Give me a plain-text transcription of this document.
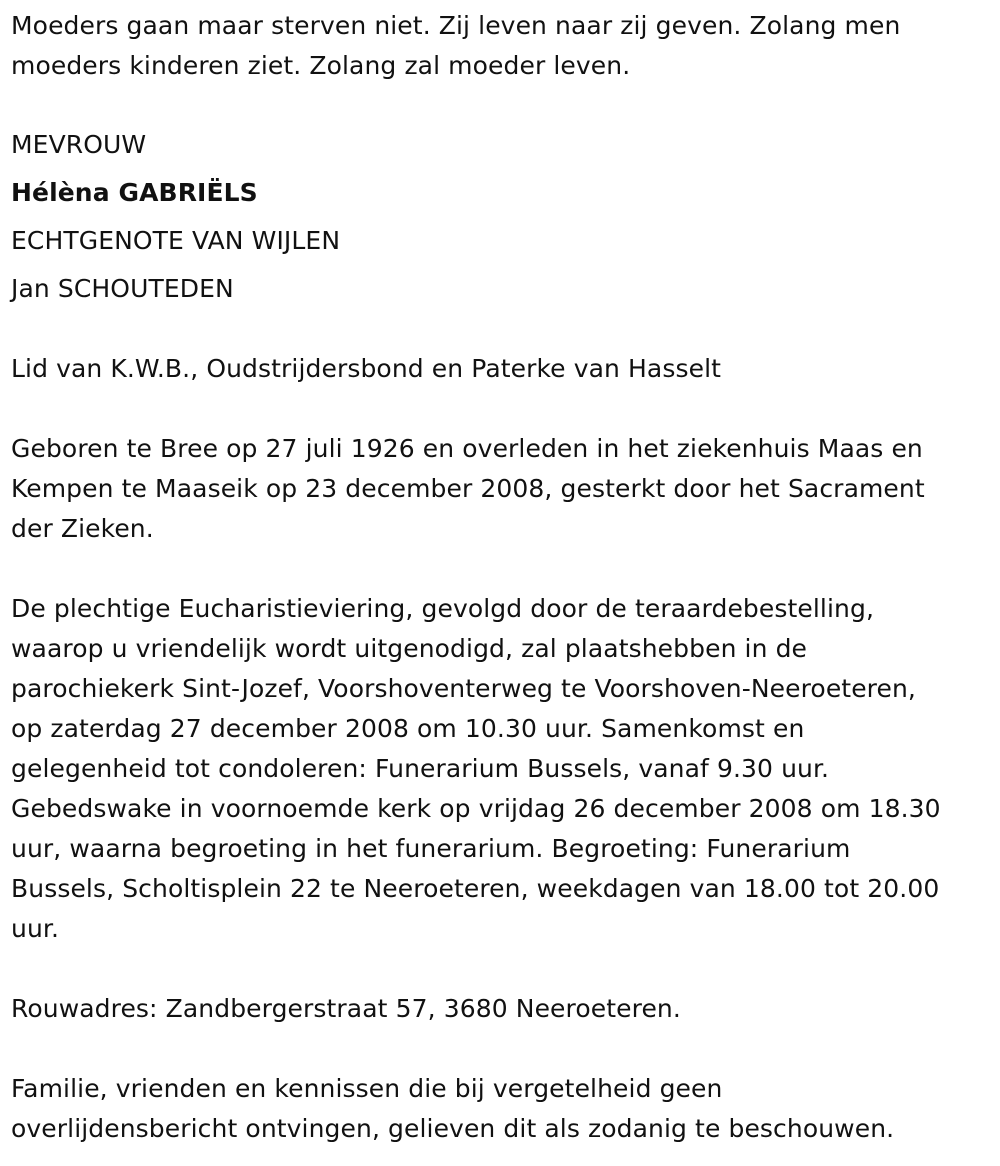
Moeders gaan maar sterven niet. Zij leven naar zij geven. Zolang men
moeders kinderen ziet. Zolang zal moeder leven.
MEVROUW
Hélèna GABRIËLS
ECHTGENOTE VAN WIJLEN
Jan SCHOUTEDEN
Lid van K.W.B., Oudstrijdersbond en Paterke van Hasselt
Geboren te Bree op 27 juli 1926 en overleden in het ziekenhuis Maas en
Kempen te Maaseik op 23 december 2008, gesterkt door het Sacrament
der Zieken.
De plechtige Eucharistieviering, gevolgd door de teraardebestelling,
waarop u vriendelijk wordt uitgenodigd, zal plaatshebben in de
parochiekerk Sint-Jozef, Voorshoventerweg te Voorshoven-Neeroeteren,
op zaterdag 27 december 2008 om 10.30 uur. Samenkomst en
gelegenheid tot condoleren: Funerarium Bussels, vanaf 9.30 uur.
Gebedswake in voornoemde kerk op vrijdag 26 december 2008 om 18.30
uur, waarna begroeting in het funerarium. Begroeting: Funerarium
Bussels, Scholtisplein 22 te Neeroeteren, weekdagen van 18.00 tot 20.00
uur.
Rouwadres: Zandbergerstraat 57, 3680 Neeroeteren.
Familie, vrienden en kennissen die bij vergetelheid geen
overlijdensbericht ontvingen, gelieven dit als zodanig te beschouwen.
